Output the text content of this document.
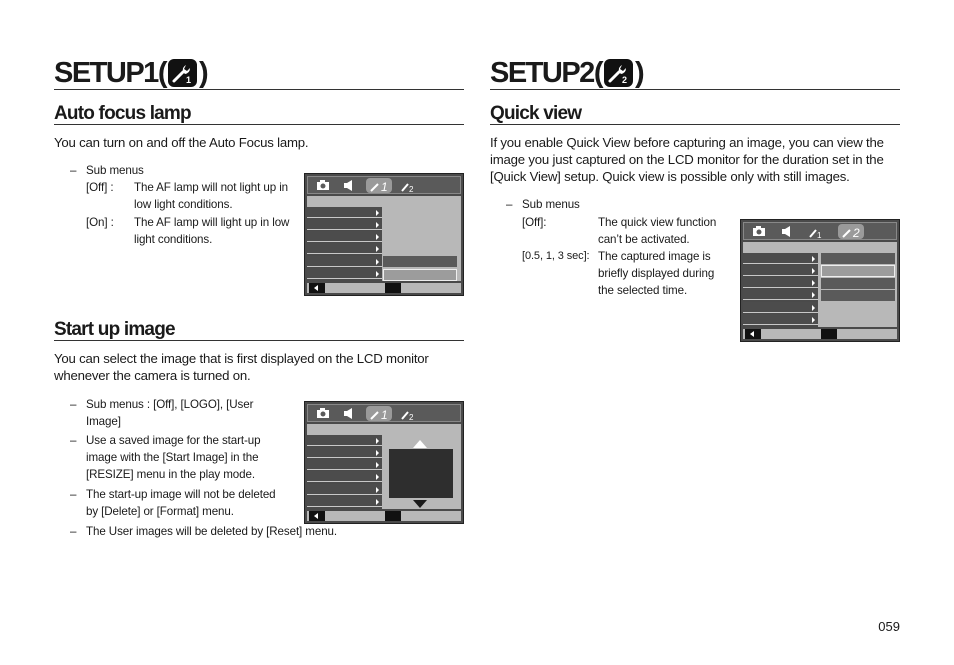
SETUP1( 1 )
Auto focus lamp
You can turn on and off the Auto Focus lamp.
– Sub menus
[Off] : The AF lamp will not light up in
low light conditions.
[On] : The AF lamp will light up in low
light conditions.
1	2
Start up image
You can select the image that is first displayed on the LCD monitor
whenever the camera is turned on.
– Sub menus : [Off], [LOGO], [User
Image]
– Use a saved image for the start-up
image with the [Start Image] in the
[RESIZE] menu in the play mode.
– The start-up image will not be deleted
by [Delete] or [Format] menu.
– The User images will be deleted by [Reset] menu.
1	2
SETUP2( 2 )
Quick view
If you enable Quick View before capturing an image, you can view the
image you just captured on the LCD monitor for the duration set in the
[Quick View] setup. Quick view is possible only with still images.
– Sub menus
[Off]:	The quick view function
can’t be activated.
[0.5, 1, 3 sec]: The captured image is
briefly displayed during
the selected time.
1	2
059
